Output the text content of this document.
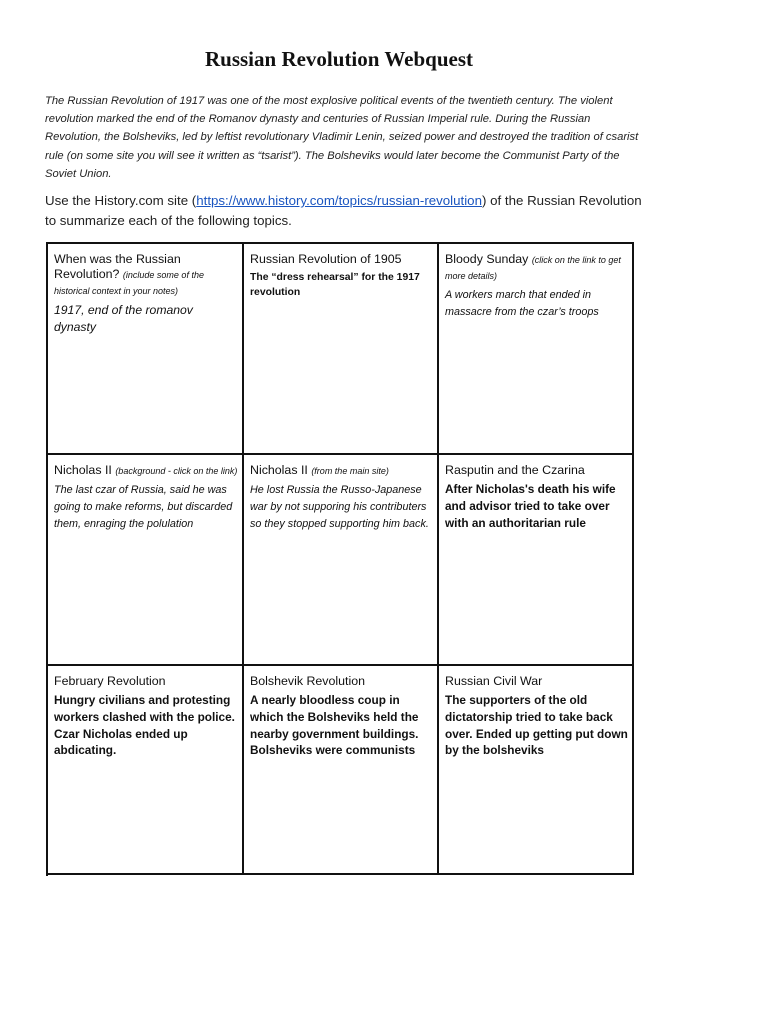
Russian Revolution Webquest
The Russian Revolution of 1917 was one of the most explosive political events of the twentieth century. The violent revolution marked the end of the Romanov dynasty and centuries of Russian Imperial rule. During the Russian Revolution, the Bolsheviks, led by leftist revolutionary Vladimir Lenin, seized power and destroyed the tradition of csarist rule (on some site you will see it written as “tsarist”). The Bolsheviks would later become the Communist Party of the Soviet Union.
Use the History.com site (https://www.history.com/topics/russian-revolution) of the Russian Revolution to summarize each of the following topics.
When was the Russian Revolution? (include some of the historical context in your notes)
1917, end of the romanov dynasty
Russian Revolution of 1905
The “dress rehearsal” for the 1917 revolution
Bloody Sunday (click on the link to get more details)
A workers march that ended in massacre from the czar’s troops
Nicholas II (background - click on the link)
The last czar of Russia, said he was going to make reforms, but discarded them, enraging the polulation
Nicholas II (from the main site)
He lost Russia the Russo-Japanese war by not supporing his contributers so they stopped supporting him back.
Rasputin and the Czarina
After Nicholas's death his wife and advisor tried to take over with an authoritarian rule
February Revolution
Hungry civilians and protesting workers clashed with the police. Czar Nicholas ended up abdicating.
Bolshevik Revolution
A nearly bloodless coup in which the Bolsheviks held the nearby government buildings. Bolsheviks were communists
Russian Civil War
The supporters of the old dictatorship tried to take back over. Ended up getting put down by the bolsheviks
